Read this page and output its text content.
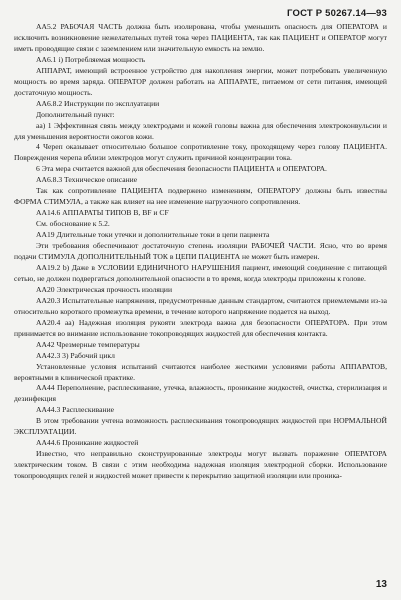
ГОСТ Р 50267.14—93

АА5.2 РАБОЧАЯ ЧАСТЬ должна быть изолирована, чтобы уменьшить опасность для ОПЕРАТОРА и исключить возникновение нежелательных путей тока через ПАЦИЕНТА, так как ПАЦИЕНТ и ОПЕРАТОР могут иметь проводящие связи с заземлением или значительную емкость на землю.

АА6.1 i) Потребляемая мощность

АППАРАТ, имеющий встроенное устройство для накопления энергии, может потребовать увеличенную мощность во время заряда. ОПЕРАТОР должен работать на АППАРАТЕ, питаемом от сети питания, имеющей достаточную мощность.

АА6.8.2 Инструкции по эксплуатации

Дополнительный пункт:

аа) 1 Эффективная связь между электродами и кожей головы важна для обеспечения электроконвульсии и для уменьшения вероятности ожогов кожи.

4 Череп оказывает относительно большое сопротивление току, проходящему через голову ПАЦИЕНТА. Повреждения черепа вблизи электродов могут служить причиной концентрации тока.

6 Эта мера считается важной для обеспечения безопасности ПАЦИЕНТА и ОПЕРАТОРА.

АА6.8.3 Техническое описание

Так как сопротивление ПАЦИЕНТА подвержено изменениям, ОПЕРАТОРУ должны быть известны ФОРМА СТИМУЛА, а также как влияет на нее изменение нагрузочного сопротивления.

АА14.6 АППАРАТЫ ТИПОВ B, BF и CF

См. обоснование к 5.2.

АА19 Длительные токи утечки и дополнительные токи в цепи пациента

Эти требования обеспечивают достаточную степень изоляции РАБОЧЕЙ ЧАСТИ. Ясно, что во время подачи СТИМУЛА ДОПОЛНИТЕЛЬНЫЙ ТОК в ЦЕПИ ПАЦИЕНТА не может быть измерен.

АА19.2 b) Даже в УСЛОВИИ ЕДИНИЧНОГО НАРУШЕНИЯ пациент, имеющий соединение с питающей сетью, не должен подвергаться дополнительной опасности в то время, когда электроды приложены к голове.

АА20 Электрическая прочность изоляции

АА20.3 Испытательные напряжения, предусмотренные данным стандартом, считаются приемлемыми из-за относительно короткого промежутка времени, в течение которого напряжение подается на выход.

АА20.4 аа) Надежная изоляция рукояти электрода важна для безопасности ОПЕРАТОРА. При этом принимается во внимание использование токопроводящих жидкостей для обеспечения контакта.

АА42 Чрезмерные температуры

АА42.3 3) Рабочий цикл

Установленные условия испытаний считаются наиболее жесткими условиями работы АППАРАТОВ, вероятными в клинической практике.

АА44 Переполнение, расплескивание, утечка, влажность, проникание жидкостей, очистка, стерилизация и дезинфекция

АА44.3 Расплескивание

В этом требовании учтена возможность расплескивания токопроводящих жидкостей при НОРМАЛЬНОЙ ЭКСПЛУАТАЦИИ.

АА44.6 Проникание жидкостей

Известно, что неправильно сконструированные электроды могут вызвать поражение ОПЕРАТОРА электрическим током. В связи с этим необходима надежная изоляция электродной сборки. Использование токопроводящих гелей и жидкостей может привести к перекрытию защитной изоляции или проника-

13
